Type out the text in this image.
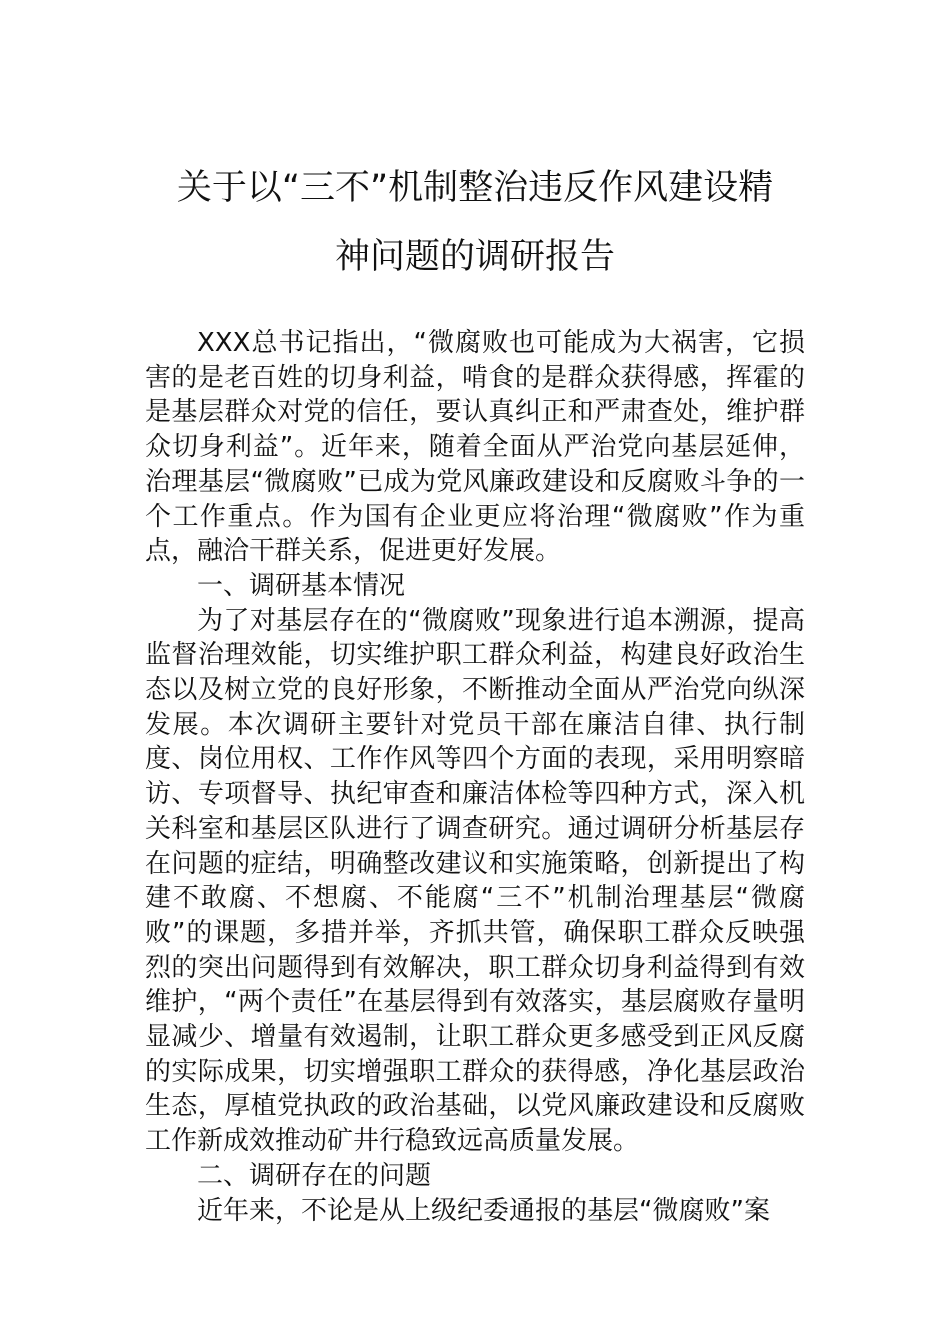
关于以“三不”机制整治违反作风建设精
神问题的调研报告

XXX总书记指出，“微腐败也可能成为大祸害，它损害的是老百姓的切身利益，啃食的是群众获得感，挥霍的是基层群众对党的信任，要认真纠正和严肃查处，维护群众切身利益”。近年来，随着全面从严治党向基层延伸，治理基层“微腐败”已成为党风廉政建设和反腐败斗争的一个工作重点。作为国有企业更应将治理“微腐败”作为重点，融洽干群关系，促进更好发展。

一、调研基本情况

为了对基层存在的“微腐败”现象进行追本溯源，提高监督治理效能，切实维护职工群众利益，构建良好政治生态以及树立党的良好形象，不断推动全面从严治党向纵深发展。本次调研主要针对党员干部在廉洁自律、执行制度、岗位用权、工作作风等四个方面的表现，采用明察暗访、专项督导、执纪审查和廉洁体检等四种方式，深入机关科室和基层区队进行了调查研究。通过调研分析基层存在问题的症结，明确整改建议和实施策略，创新提出了构建不敢腐、不想腐、不能腐“三不”机制治理基层“微腐败”的课题，多措并举，齐抓共管，确保职工群众反映强烈的突出问题得到有效解决，职工群众切身利益得到有效维护，“两个责任”在基层得到有效落实，基层腐败存量明显减少、增量有效遏制，让职工群众更多感受到正风反腐的实际成果，切实增强职工群众的获得感，净化基层政治生态，厚植党执政的政治基础，以党风廉政建设和反腐败工作新成效推动矿井行稳致远高质量发展。

二、调研存在的问题

近年来，不论是从上级纪委通报的基层“微腐败”案
